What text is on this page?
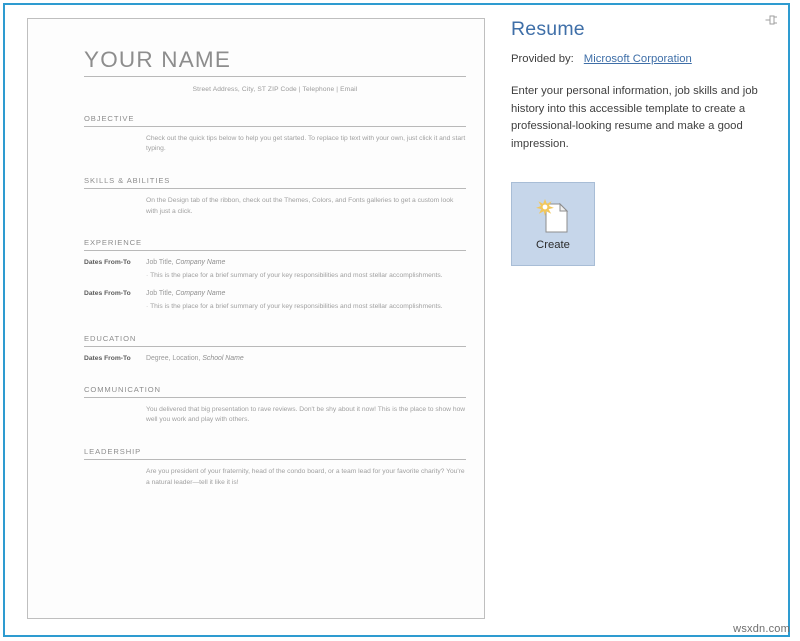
YOUR NAME
Street Address, City, ST ZIP Code | Telephone | Email
OBJECTIVE
Check out the quick tips below to help you get started. To replace tip text with your own, just click it and start typing.
SKILLS & ABILITIES
On the Design tab of the ribbon, check out the Themes, Colors, and Fonts galleries to get a custom look with just a click.
EXPERIENCE
Dates From-To	Job Title, Company Name
· This is the place for a brief summary of your key responsibilities and most stellar accomplishments.
Dates From-To	Job Title, Company Name
· This is the place for a brief summary of your key responsibilities and most stellar accomplishments.
EDUCATION
Dates From-To	Degree, Location, School Name
COMMUNICATION
You delivered that big presentation to rave reviews. Don't be shy about it now! This is the place to show how well you work and play with others.
LEADERSHIP
Are you president of your fraternity, head of the condo board, or a team lead for your favorite charity? You're a natural leader—tell it like it is!
Resume
Provided by: Microsoft Corporation
Enter your personal information, job skills and job history into this accessible template to create a professional-looking resume and make a good impression.
Create
wsxdn.com
